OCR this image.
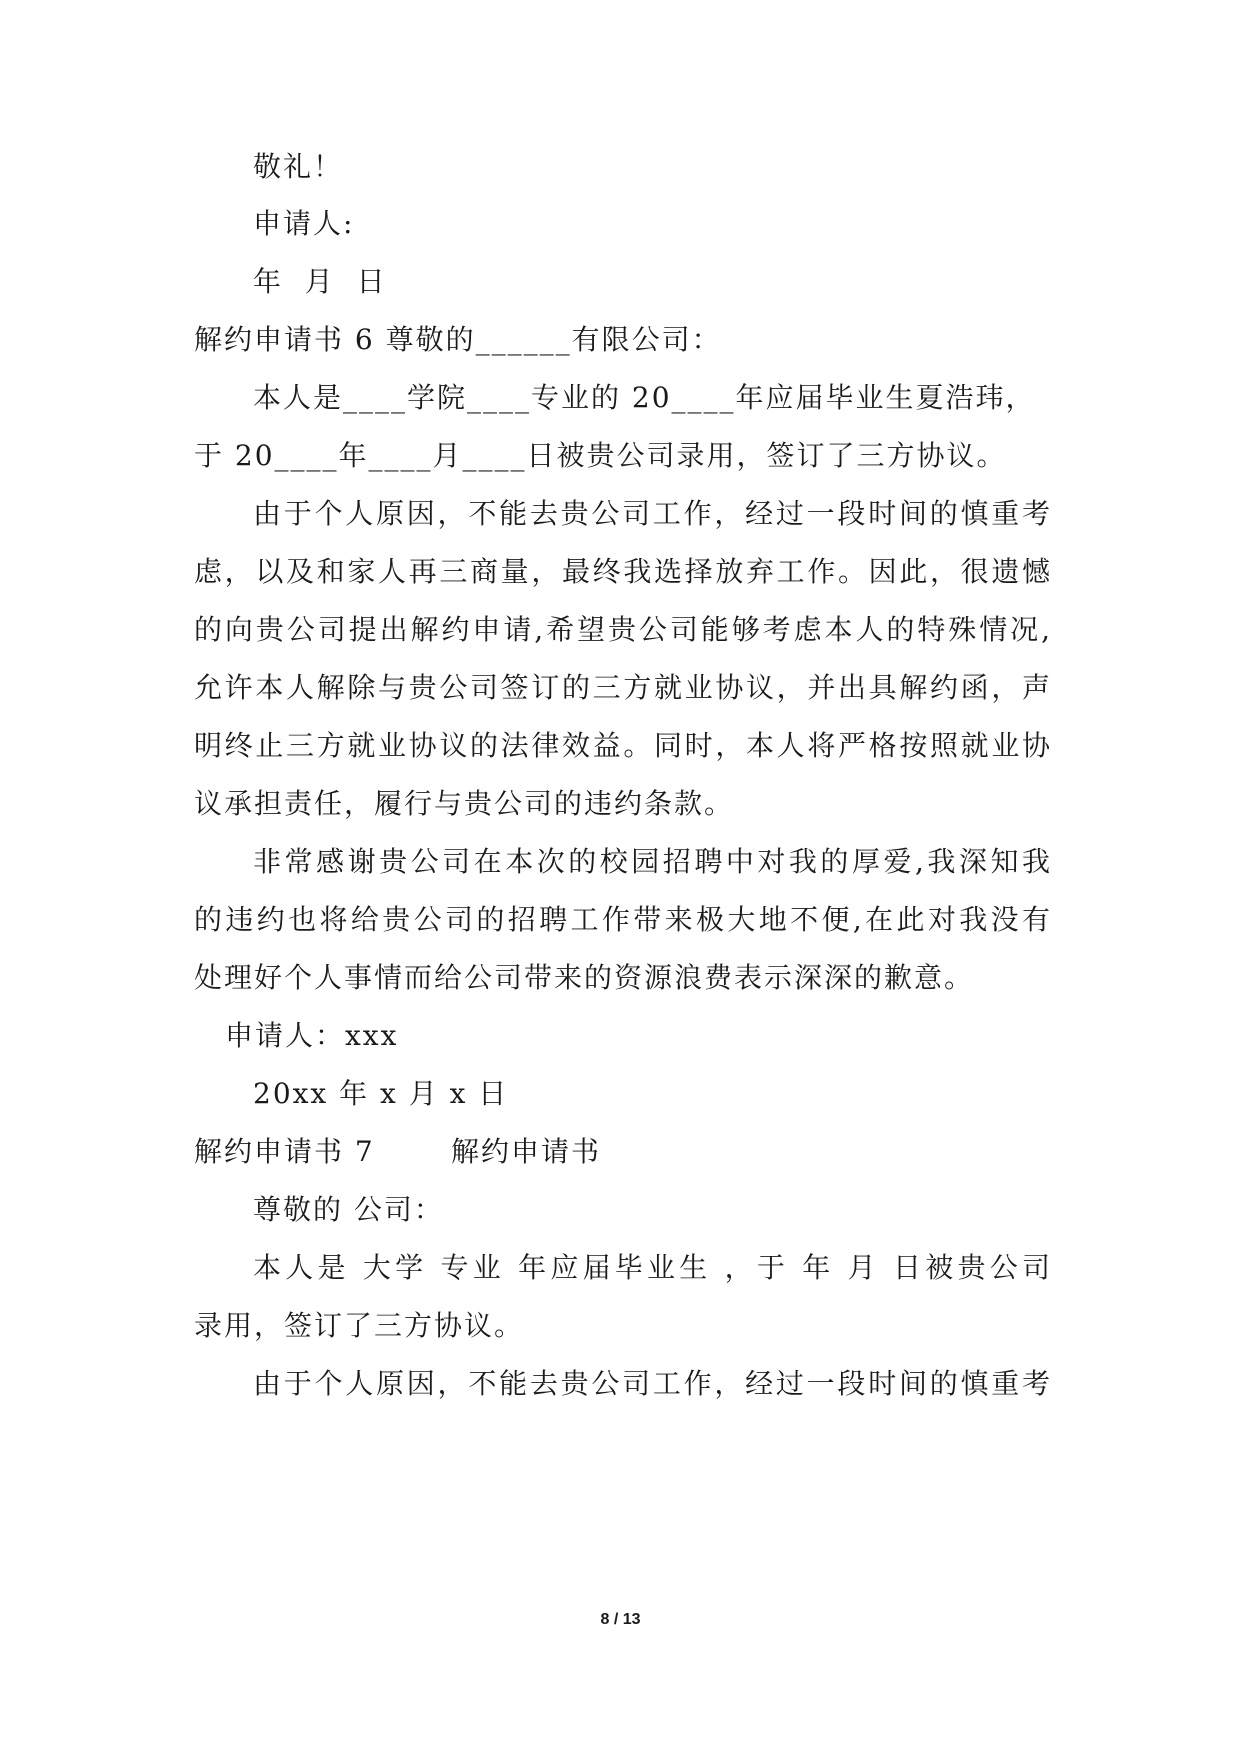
敬礼！
申请人:
年  月  日
解约申请书 6 尊敬的______有限公司：
本人是____学院____专业的 20____年应届毕业生夏浩玮，
于 20____年____月____日被贵公司录用，签订了三方协议。
由于个人原因，不能去贵公司工作，经过一段时间的慎重考
虑，以及和家人再三商量，最终我选择放弃工作。因此，很遗憾
的向贵公司提出解约申请,希望贵公司能够考虑本人的特殊情况,
允许本人解除与贵公司签订的三方就业协议，并出具解约函，声
明终止三方就业协议的法律效益。同时，本人将严格按照就业协
议承担责任，履行与贵公司的违约条款。
非常感谢贵公司在本次的校园招聘中对我的厚爱,我深知我
的违约也将给贵公司的招聘工作带来极大地不便,在此对我没有
处理好个人事情而给公司带来的资源浪费表示深深的歉意。
申请人：xxx
20xx 年 x 月 x 日
解约申请书 7       解约申请书
尊敬的 公司：
本人是 大学 专业 年应届毕业生 ，于 年 月 日被贵公司
录用，签订了三方协议。
由于个人原因，不能去贵公司工作，经过一段时间的慎重考
8 / 13
